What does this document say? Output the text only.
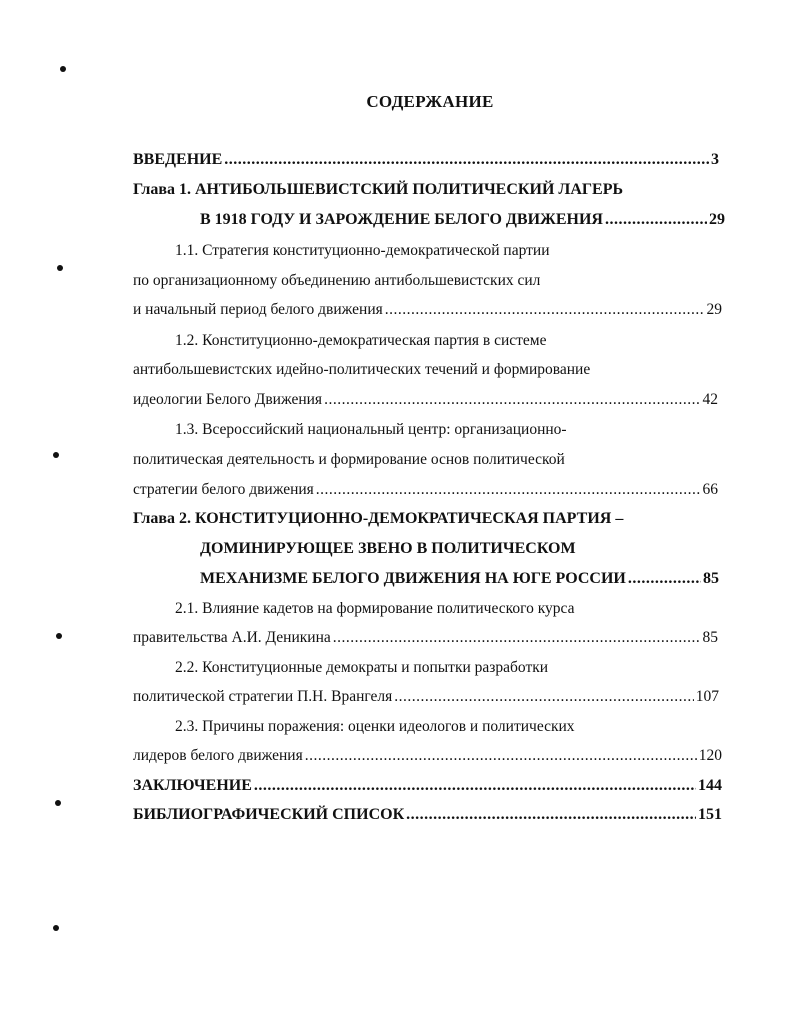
СОДЕРЖАНИЕ
ВВЕДЕНИЕ .....	3
Глава 1. АНТИБОЛЬШЕВИСТСКИЙ ПОЛИТИЧЕСКИЙ ЛАГЕРЬ
В 1918 ГОДУ И ЗАРОЖДЕНИЕ БЕЛОГО ДВИЖЕНИЯ .....	29
1.1. Стратегия конституционно-демократической партии
по организационному объединению антибольшевистских сил
и начальный период белого движения .....	29
1.2. Конституционно-демократическая партия в системе
антибольшевистских идейно-политических течений и формирование
идеологии Белого Движения .....	42
1.3. Всероссийский национальный центр: организационно-
политическая деятельность и формирование основ политической
стратегии белого движения .....	66
Глава 2. КОНСТИТУЦИОННО-ДЕМОКРАТИЧЕСКАЯ ПАРТИЯ –
ДОМИНИРУЮЩЕЕ ЗВЕНО В ПОЛИТИЧЕСКОМ
МЕХАНИЗМЕ БЕЛОГО ДВИЖЕНИЯ НА ЮГЕ РОССИИ .....	85
2.1. Влияние кадетов на формирование политического курса
правительства А.И. Деникина .....	85
2.2. Конституционные демократы и попытки разработки
политической стратегии П.Н. Врангеля .....	107
2.3. Причины поражения: оценки идеологов и политических
лидеров белого движения .....	120
ЗАКЛЮЧЕНИЕ .....	144
БИБЛИОГРАФИЧЕСКИЙ СПИСОК .....	151
